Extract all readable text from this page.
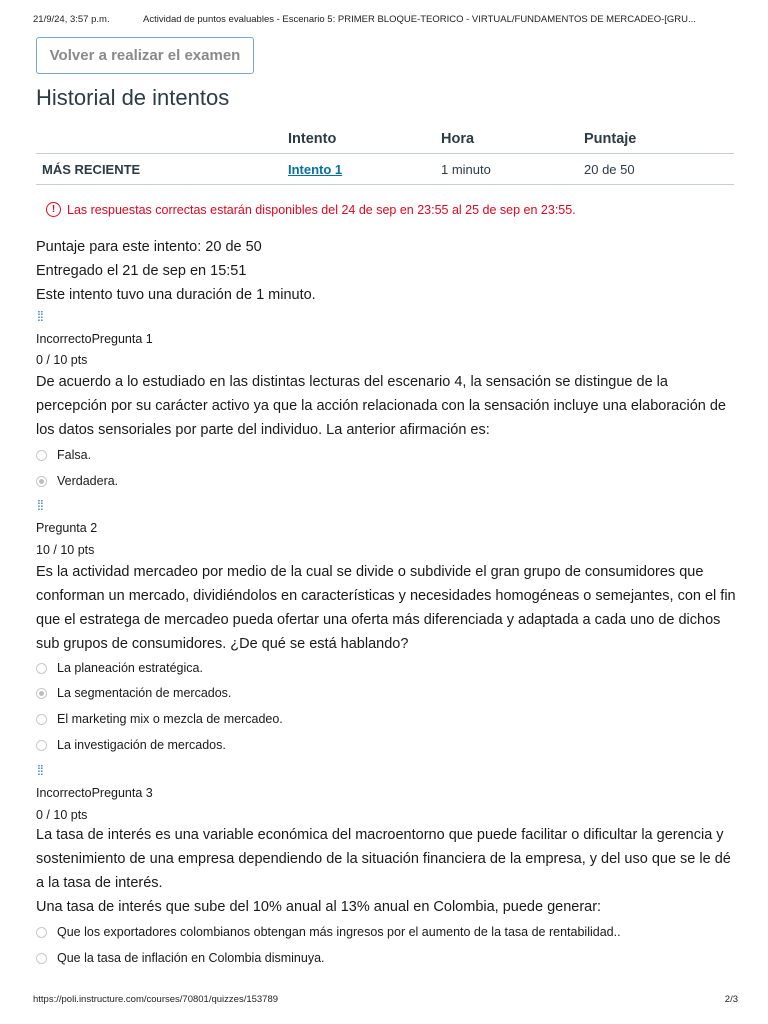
21/9/24, 3:57 p.m.	Actividad de puntos evaluables - Escenario 5: PRIMER BLOQUE-TEORICO - VIRTUAL/FUNDAMENTOS DE MERCADEO-[GRU...
Volver a realizar el examen
Historial de intentos
	Intento	Hora	Puntaje
MÁS RECIENTE	Intento 1	1 minuto	20 de 50
! Las respuestas correctas estarán disponibles del 24 de sep en 23:55 al 25 de sep en 23:55.
Puntaje para este intento: 20 de 50
Entregado el 21 de sep en 15:51
Este intento tuvo una duración de 1 minuto.
⁞⁞
IncorrectoPregunta 1
0 / 10 pts
De acuerdo a lo estudiado en las distintas lecturas del escenario 4, la sensación se distingue de la percepción por su carácter activo ya que la acción relacionada con la sensación incluye una elaboración de los datos sensoriales por parte del individuo. La anterior afirmación es:
Falsa.
Verdadera.
⁞⁞
Pregunta 2
10 / 10 pts
Es la actividad mercadeo por medio de la cual se divide o subdivide el gran grupo de consumidores que conforman un mercado, dividiéndolos en características y necesidades homogéneas o semejantes, con el fin que el estratega de mercadeo pueda ofertar una oferta más diferenciada y adaptada a cada uno de dichos sub grupos de consumidores. ¿De qué se está hablando?
La planeación estratégica.
La segmentación de mercados.
El marketing mix o mezcla de mercadeo.
La investigación de mercados.
⁞⁞
IncorrectoPregunta 3
0 / 10 pts
La tasa de interés es una variable económica del macroentorno que puede facilitar o dificultar la gerencia y sostenimiento de una empresa dependiendo de la situación financiera de la empresa, y del uso que se le dé a la tasa de interés.
Una tasa de interés que sube del 10% anual al 13% anual en Colombia, puede generar:
Que los exportadores colombianos obtengan más ingresos por el aumento de la tasa de rentabilidad..
Que la tasa de inflación en Colombia disminuya.
https://poli.instructure.com/courses/70801/quizzes/153789	2/3
